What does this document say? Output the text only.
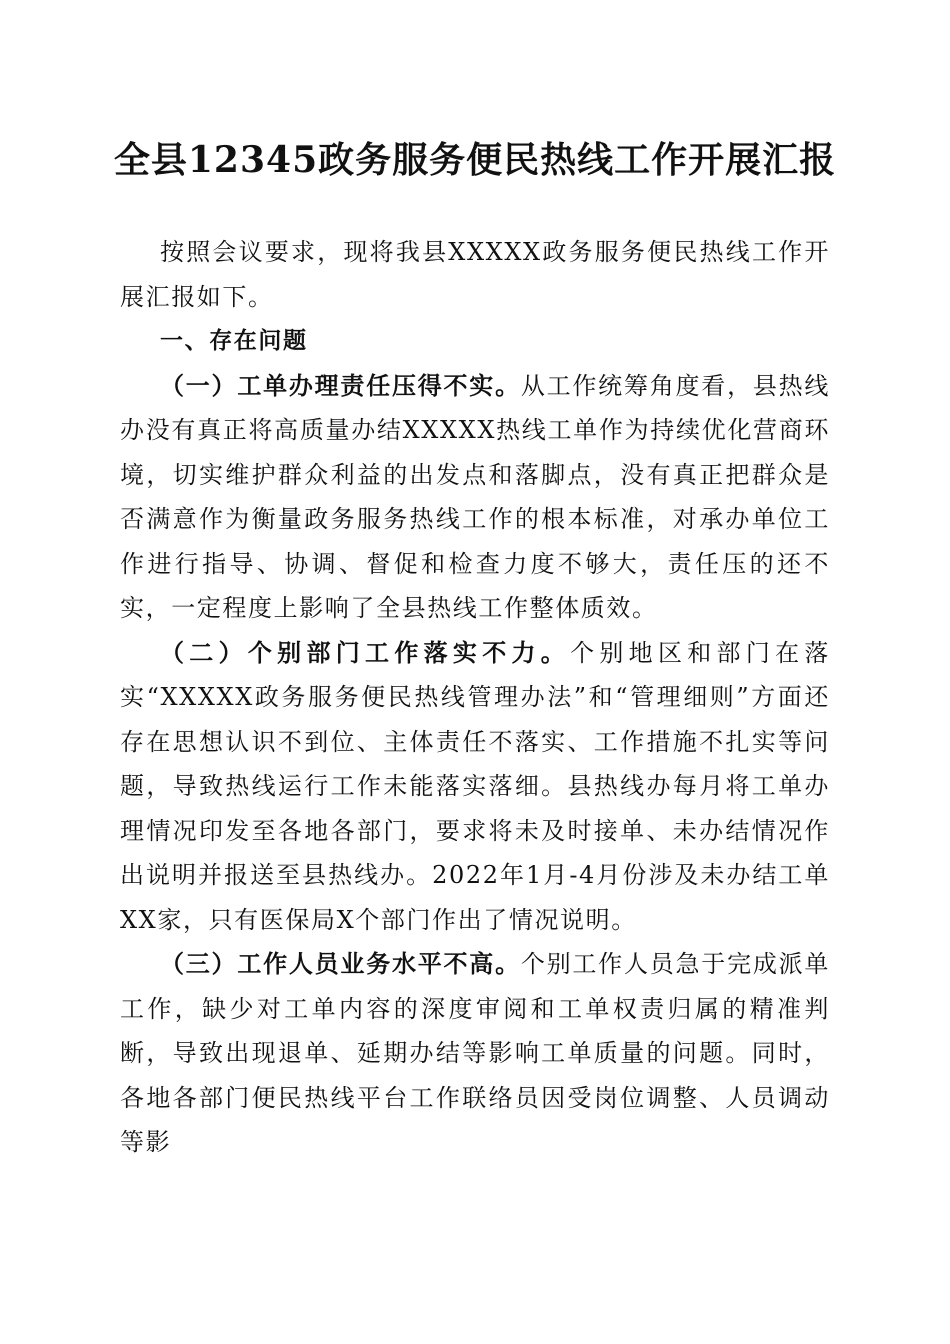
全县12345政务服务便民热线工作开展汇报

按照会议要求，现将我县XXXXX政务服务便民热线工作开展汇报如下。

一、存在问题

（一）工单办理责任压得不实。从工作统筹角度看，县热线办没有真正将高质量办结XXXXX热线工单作为持续优化营商环境，切实维护群众利益的出发点和落脚点，没有真正把群众是否满意作为衡量政务服务热线工作的根本标准，对承办单位工作进行指导、协调、督促和检查力度不够大，责任压的还不实，一定程度上影响了全县热线工作整体质效。

（二）个别部门工作落实不力。个别地区和部门在落实“XXXXX政务服务便民热线管理办法”和“管理细则”方面还存在思想认识不到位、主体责任不落实、工作措施不扎实等问题，导致热线运行工作未能落实落细。县热线办每月将工单办理情况印发至各地各部门，要求将未及时接单、未办结情况作出说明并报送至县热线办。2022年1月-4月份涉及未办结工单XX家，只有医保局X个部门作出了情况说明。

（三）工作人员业务水平不高。个别工作人员急于完成派单工作，缺少对工单内容的深度审阅和工单权责归属的精准判断，导致出现退单、延期办结等影响工单质量的问题。同时，各地各部门便民热线平台工作联络员因受岗位调整、人员调动等影
